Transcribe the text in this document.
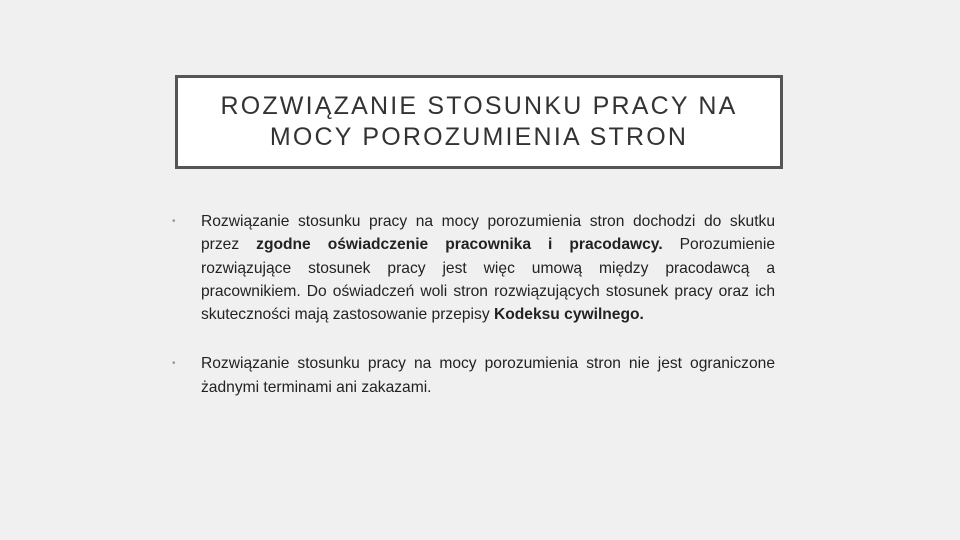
ROZWIĄZANIE STOSUNKU PRACY NA
MOCY POROZUMIENIA STRON
• Rozwiązanie stosunku pracy na mocy porozumienia stron dochodzi do skutku przez zgodne oświadczenie pracownika i pracodawcy. Porozumienie rozwiązujące stosunek pracy jest więc umową między pracodawcą a pracownikiem. Do oświadczeń woli stron rozwiązujących stosunek pracy oraz ich skuteczności mają zastosowanie przepisy Kodeksu cywilnego.
• Rozwiązanie stosunku pracy na mocy porozumienia stron nie jest ograniczone żadnymi terminami ani zakazami.
